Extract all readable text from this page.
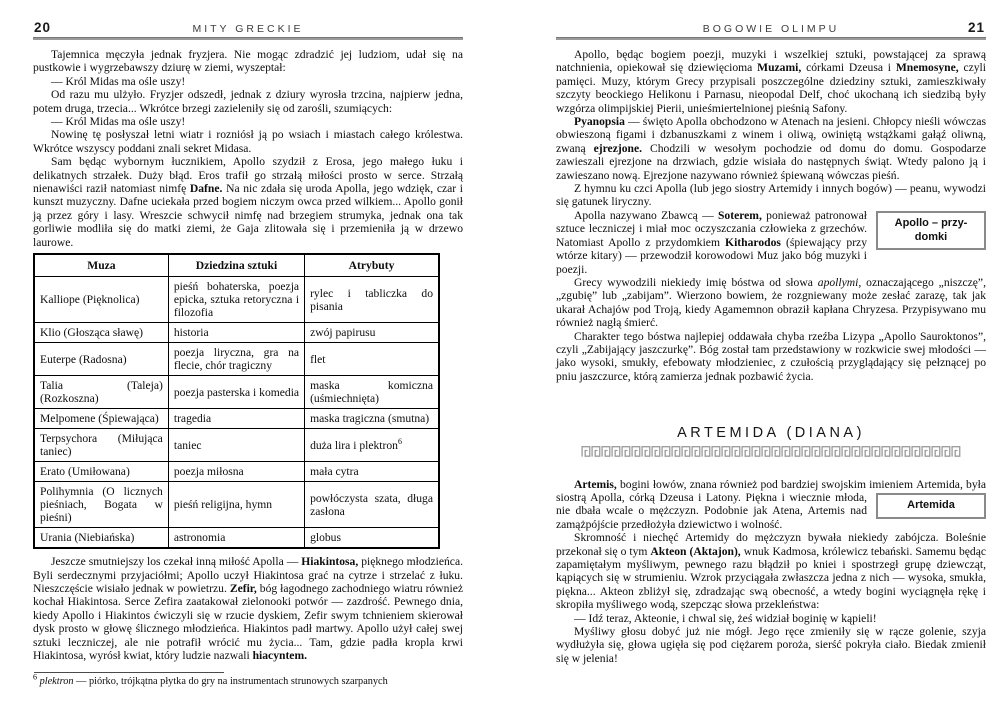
20	MITY GRECKIE

Tajemnica męczyła jednak fryzjera. Nie mogąc zdradzić jej ludziom, udał się na pustkowie i wygrzebawszy dziurę w ziemi, wyszeptał:

— Król Midas ma ośle uszy!

Od razu mu ulżyło. Fryzjer odszedł, jednak z dziury wyrosła trzcina, najpierw jedna, potem druga, trzecia... Wkrótce brzegi zazieleniły się od zarośli, szumiących:

— Król Midas ma ośle uszy!

Nowinę tę posłyszał letni wiatr i rozniósł ją po wsiach i miastach całego królestwa. Wkrótce wszyscy poddani znali sekret Midasa.

Sam będąc wybornym łucznikiem, Apollo szydził z Erosa, jego małego łuku i delikatnych strzałek. Duży błąd. Eros trafił go strzałą miłości prosto w serce. Strzałą nienawiści raził natomiast nimfę Dafne. Na nic zdała się uroda Apolla, jego wdzięk, czar i kunszt muzyczny. Dafne uciekała przed bogiem niczym owca przed wilkiem... Apollo gonił ją przez góry i lasy. Wreszcie schwycił nimfę nad brzegiem strumyka, jednak ona tak gorliwie modliła się do matki ziemi, że Gaja zlitowała się i przemieniła ją w drzewo laurowe.

Muza	Dziedzina sztuki	Atrybuty
Kalliope (Pięknolica)	pieśń bohaterska, poezja epicka, sztuka retoryczna i filozofia	rylec i tabliczka do pisania
Klio (Głosząca sławę)	historia	zwój papirusu
Euterpe (Radosna)	poezja liryczna, gra na flecie, chór tragiczny	flet
Talia (Taleja) (Rozkoszna)	poezja pasterska i komedia	maska komiczna (uśmiechnięta)
Melpomene (Śpiewająca)	tragedia	maska tragiczna (smutna)
Terpsychora (Miłująca taniec)	taniec	duża lira i plektron$^6$
Erato (Umiłowana)	poezja miłosna	mała cytra
Polihymnia (O licznych pieśniach, Bogata w pieśni)	pieśń religijna, hymn	powłóczysta szata, długa zasłona
Urania (Niebiańska)	astronomia	globus

Jeszcze smutniejszy los czekał inną miłość Apolla — Hiakintosa, pięknego młodzieńca. Byli serdecznymi przyjaciółmi; Apollo uczył Hiakintosa grać na cytrze i strzelać z łuku. Nieszczęście wisiało jednak w powietrzu. Zefir, bóg łagodnego zachodniego wiatru również kochał Hiakintosa. Serce Zefira zaatakował zielonooki potwór — zazdrość. Pewnego dnia, kiedy Apollo i Hiakintos ćwiczyli się w rzucie dyskiem, Zefir swym tchnieniem skierował dysk prosto w głowę ślicznego młodzieńca. Hiakintos padł martwy. Apollo użył całej swej sztuki leczniczej, ale nie potrafił wrócić mu życia... Tam, gdzie padła kropla krwi Hiakintosa, wyrósł kwiat, który ludzie nazwali hiacyntem.

$^6$ plektron — piórko, trójkątna płytka do gry na instrumentach strunowych szarpanych
BOGOWIE OLIMPU	21

Apollo, będąc bogiem poezji, muzyki i wszelkiej sztuki, powstającej za sprawą natchnienia, opiekował się dziewięcioma Muzami, córkami Dzeusa i Mnemosyne, czyli pamięci. Muzy, którym Grecy przypisali poszczególne dziedziny sztuki, zamieszkiwały szczyty beockiego Helikonu i Parnasu, nieopodal Delf, choć ukochaną ich siedzibą były wzgórza olimpijskiej Pierii, unieśmiertelnionej pieśnią Safony.

Pyanopsia — święto Apolla obchodzono w Atenach na jesieni. Chłopcy nieśli wówczas obwieszoną figami i dzbanuszkami z winem i oliwą, owiniętą wstążkami gałąź oliwną, zwaną ejrezjone. Chodzili w wesołym pochodzie od domu do domu. Gospodarze zawieszali ejrezjone na drzwiach, gdzie wisiała do następnych świąt. Wtedy palono ją i zawieszano nową. Ejrezjone nazywano również śpiewaną wówczas pieśń.

Z hymnu ku czci Apolla (lub jego siostry Artemidy i innych bogów) — peanu, wywodzi się gatunek liryczny.

Apollo – przy-
domki
Apolla nazywano Zbawcą — Soterem, ponieważ patronował sztuce leczniczej i miał moc oczyszczania człowieka z grzechów. Natomiast Apollo z przydomkiem Kitharodos (śpiewający przy wtórze kitary) — przewodził korowodowi Muz jako bóg muzyki i poezji.

Grecy wywodzili niekiedy imię bóstwa od słowa apollymi, oznaczającego „niszczę”, „zgubię” lub „zabijam”. Wierzono bowiem, że rozgniewany może zesłać zarazę, tak jak ukarał Achajów pod Troją, kiedy Agamemnon obraził kapłana Chryzesa. Przypisywano mu również nagłą śmierć.

Charakter tego bóstwa najlepiej oddawała chyba rzeźba Lizypa „Apollo Sauroktonos”, czyli „Zabijający jaszczurkę”. Bóg został tam przedstawiony w rozkwicie swej młodości — jako wysoki, smukły, efebowaty młodzieniec, z czułością przyglądający się pełznącej po pniu jaszczurce, którą zamierza jednak pozbawić życia.

ARTEMIDA (DIANA)

Artemis, bogini łowów, znana również pod bardziej swojskim imieniem
Artemida
Artemida, była siostrą Apolla, córką Dzeusa i Latony. Piękna i wiecznie młoda, nie dbała wcale o mężczyzn. Podobnie jak Atena, Artemis nad zamążpójście przedłożyła dziewictwo i wolność.

Skromność i niechęć Artemidy do mężczyzn bywała niekiedy zabójcza. Boleśnie przekonał się o tym Akteon (Aktajon), wnuk Kadmosa, królewicz tebański. Samemu będąc zapamiętałym myśliwym, pewnego razu błądził po kniei i spostrzegł grupę dziewcząt, kąpiących się w strumieniu. Wzrok przyciągała zwłaszcza jedna z nich — wysoka, smukła, piękna... Akteon zbliżył się, zdradzając swą obecność, a wtedy bogini wyciągnęła rękę i skropiła myśliwego wodą, szepcząc słowa przekleństwa:

— Idź teraz, Akteonie, i chwal się, żeś widział boginię w kąpieli!

Myśliwy głosu dobyć już nie mógł. Jego ręce zmieniły się w rącze golenie, szyja wydłużyła się, głowa ugięła się pod ciężarem poroża, sierść pokryła ciało. Biedak zmienił się w jelenia!
